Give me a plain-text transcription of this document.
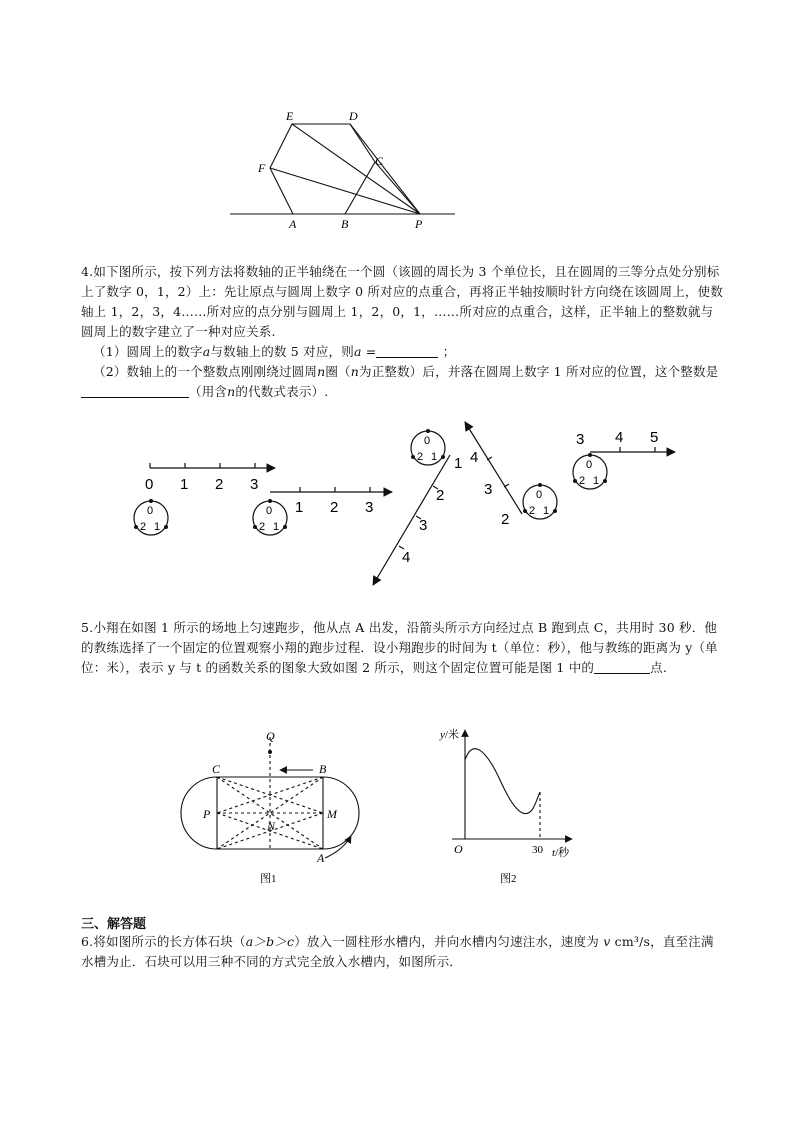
E	D
C
F
A	B	P

4.如下图所示，按下列方法将数轴的正半轴绕在一个圆（该圆的周长为 3 个单位长，且在圆周的三等分点处分别标上了数字 0，1，2）上：先让原点与圆周上数字 0 所对应的点重合，再将正半轴按顺时针方向绕在该圆周上，使数轴上 1，2，3，4……所对应的点分别与圆周上 1，2，0，1，……所对应的点重合，这样，正半轴上的整数就与圆周上的数字建立了一种对应关系.

（1）圆周上的数字a与数轴上的数 5 对应，则a =	；

（2）数轴上的一个整数点刚刚绕过圆周n圈（n为正整数）后，并落在圆周上数字 1 所对应的位置，这个整数是（用含n的代数式表示）.

0 1 2 3
1 2 3
1
2
3
4
2
3
4
3 4 5
0
2 1
0
2 1
0
2 1
0
2 1
0
2 1

5.小翔在如图 1 所示的场地上匀速跑步，他从点 A 出发，沿箭头所示方向经过点 B 跑到点 C，共用时 30 秒．他的教练选择了一个固定的位置观察小翔的跑步过程．设小翔跑步的时间为 t（单位：秒），他与教练的距离为 y（单位：米），表示 y 与 t 的函数关系的图象大致如图 2 所示，则这个固定位置可能是图 1 中的	点.

Q
C	B
P
N
M
A
图1
y/米
t/秒
O	30
图2
三、解答题

6.将如图所示的长方体石块（a＞b＞c）放入一圆柱形水槽内，并向水槽内匀速注水，速度为 v cm³/s，直至注满水槽为止．石块可以用三种不同的方式完全放入水槽内，如图所示．
